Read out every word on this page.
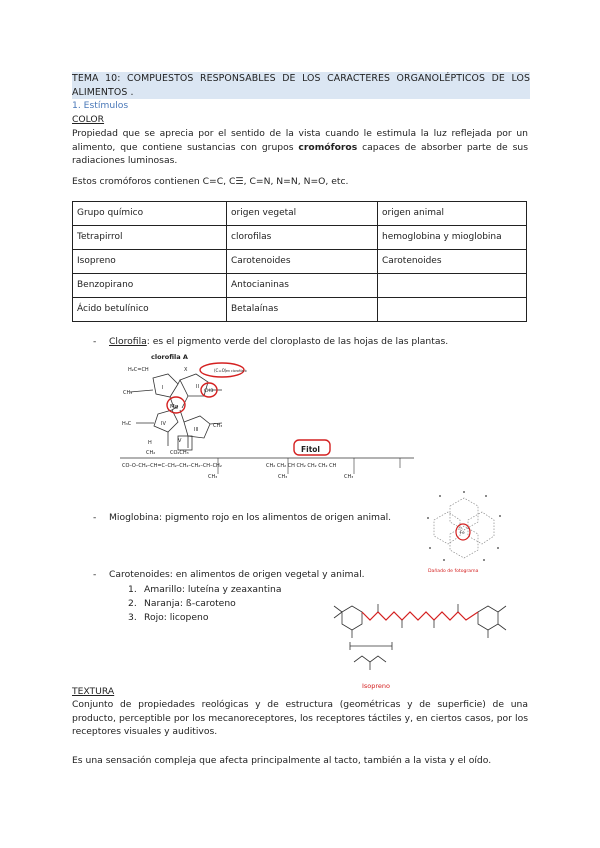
TEMA 10: COMPUESTOS RESPONSABLES DE LOS CARACTERES ORGANOLÉPTICOS DE LOS ALIMENTOS .
1. Estímulos
COLOR
Propiedad que se aprecia por el sentido de la vista cuando le estimula la luz reflejada por un alimento, que contiene sustancias con grupos cromóforos capaces de absorber parte de sus radiaciones luminosas.
Estos cromóforos contienen C=C, C☰, C=N, N=N, N=O, etc.
Grupo químico	origen vegetal	origen animal
Tetrapirrol	clorofilas	hemoglobina y mioglobina
Isopreno	Carotenoides	Carotenoides
Benzopirano	Antocianinas	
Ácido betulínico	Betalaínas	
- Clorofila: es el pigmento verde del cloroplasto de las hojas de las plantas.
clorofila A
H₂C=CH	X
I	II
IV
III
V
CH₃
H₃C	CH₃
H
CH₂	CO₂CH₃
CO–O–CH₂–CH=C–CH₂–CH₂–CH₂–CH–CH₂	CH₂ CH₂ CH CH₂ CH₂ CH₂ CH
CH₃	CH₃	CH₃
Mg
CH3
(C=O) en clorofila b
Fitol
- Mioglobina: pigmento rojo en los alimentos de origen animal.
Fe
Dañado de fotograma
- Carotenoides: en alimentos de origen vegetal y animal.
1. Amarillo: luteína y zeaxantina
2. Naranja: ß-caroteno
3. Rojo: licopeno
Isopreno
TEXTURA
Conjunto de propiedades reológicas y de estructura (geométricas y de superficie) de una producto, perceptible por los mecanoreceptores, los receptores táctiles y, en ciertos casos, por los receptores visuales y auditivos.
Es una sensación compleja que afecta principalmente al tacto, también a la vista y el oído.
